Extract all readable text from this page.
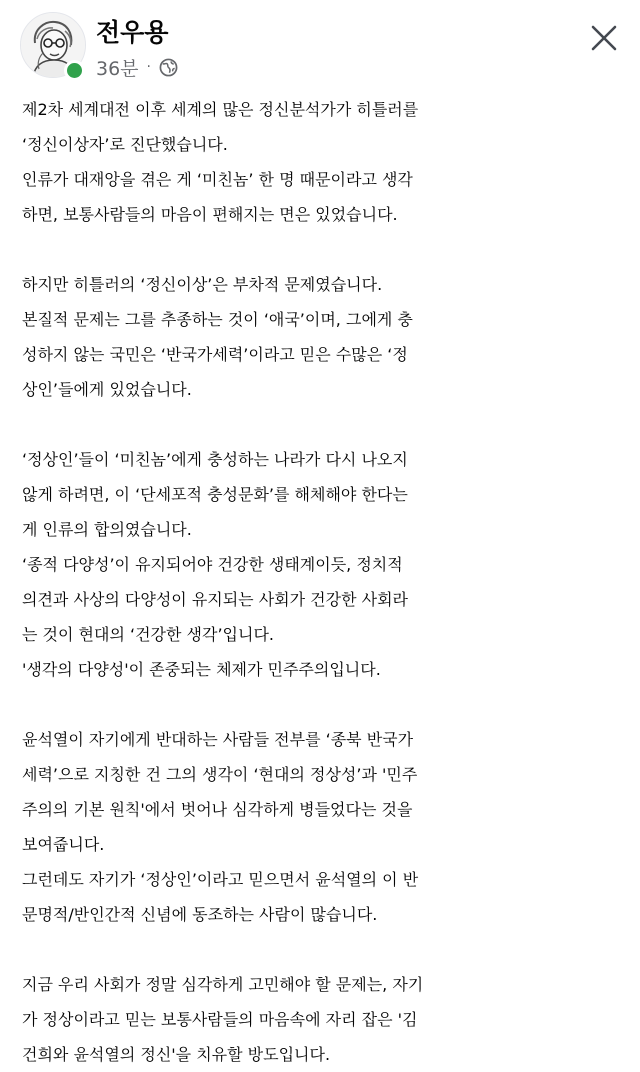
전우용
36분 ·
제2차 세계대전 이후 세계의 많은 정신분석가가 히틀러를
‘정신이상자’로 진단했습니다.
인류가 대재앙을 겪은 게 ‘미친놈’ 한 명 때문이라고 생각
하면, 보통사람들의 마음이 편해지는 면은 있었습니다.
하지만 히틀러의 ‘정신이상’은 부차적 문제였습니다.
본질적 문제는 그를 추종하는 것이 ‘애국’이며, 그에게 충
성하지 않는 국민은 ‘반국가세력’이라고 믿은 수많은 ‘정
상인’들에게 있었습니다.
‘정상인’들이 ‘미친놈’에게 충성하는 나라가 다시 나오지
않게 하려면, 이 ‘단세포적 충성문화’를 해체해야 한다는
게 인류의 합의였습니다.
‘종적 다양성’이 유지되어야 건강한 생태계이듯, 정치적
의견과 사상의 다양성이 유지되는 사회가 건강한 사회라
는 것이 현대의 ‘건강한 생각’입니다.
'생각의 다양성'이 존중되는 체제가 민주주의입니다.
윤석열이 자기에게 반대하는 사람들 전부를 ‘종북 반국가
세력’으로 지칭한 건 그의 생각이 ‘현대의 정상성’과 '민주
주의의 기본 원칙'에서 벗어나 심각하게 병들었다는 것을
보여줍니다.
그런데도 자기가 ‘정상인’이라고 믿으면서 윤석열의 이 반
문명적/반인간적 신념에 동조하는 사람이 많습니다.
지금 우리 사회가 정말 심각하게 고민해야 할 문제는, 자기
가 정상이라고 믿는 보통사람들의 마음속에 자리 잡은 '김
건희와 윤석열의 정신'을 치유할 방도입니다.
